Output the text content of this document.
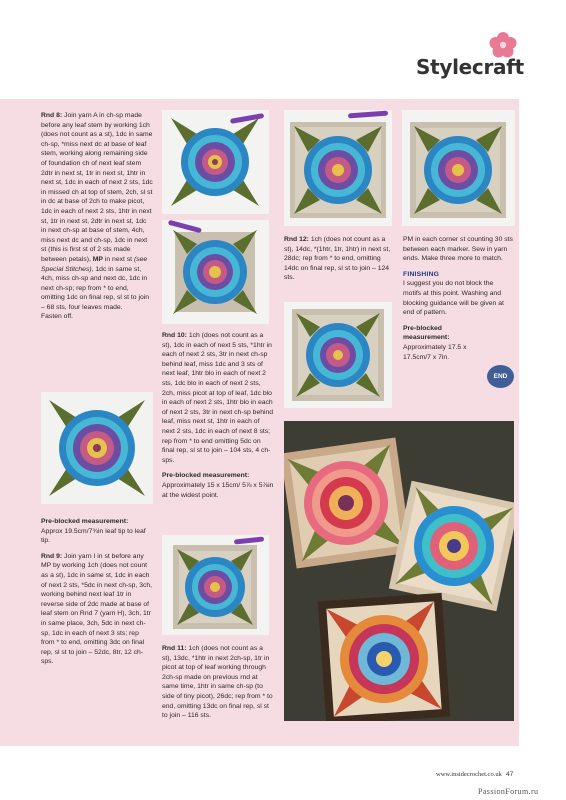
Stylecraft

Rnd 8: Join yarn A in ch-sp made before any leaf stem by working 1ch (does not count as a st), 1dc in same ch-sp, *miss next dc at base of leaf stem, working along remaining side of foundation ch of next leaf stem 2dtr in next st, 1tr in next st, 1htr in next st, 1dc in each of next 2 sts, 1dc in missed ch at top of stem, 2ch, sl st in dc at base of 2ch to make picot, 1dc in each of next 2 sts, 1htr in next st, 1tr in next st, 2dtr in next st, 1dc in next ch-sp at base of stem, 4ch, miss next dc and ch-sp, 1dc in next st (this is first st of 2 sts made between petals), MP in next st (see Special Stitches), 1dc in same st, 4ch, miss ch-sp and next dc, 1dc in next ch-sp; rep from * to end, omitting 1dc on final rep, sl st to join – 68 sts, four leaves made.
Fasten off.

Pre-blocked measurement:
Approx 19.5cm/7¾in leaf tip to leaf tip.

Rnd 9: Join yarn I in st before any MP by working 1ch (does not count as a st), 1dc in same st, 1dc in each of next 2 sts, *5dc in next ch-sp, 3ch, working behind next leaf 1tr in reverse side of 2dc made at base of leaf stem on Rnd 7 (yarn H), 3ch, 1tr in same place, 3ch, 5dc in next ch-sp, 1dc in each of next 3 sts; rep from * to end, omitting 3dc on final rep, sl st to join – 52dc, 8tr, 12 ch-sps.

Rnd 10: 1ch (does not count as a st), 1dc in each of next 5 sts, *1htr in each of next 2 sts, 3tr in next ch-sp behind leaf, miss 1dc and 3 sts of next leaf, 1htr blo in each of next 2 sts, 1dc blo in each of next 2 sts, 2ch, miss picot at top of leaf, 1dc blo in each of next 2 sts, 1htr blo in each of next 2 sts, 3tr in next ch-sp behind leaf, miss next st, 1htr in each of next 2 sts, 1dc in each of next 8 sts; rep from * to end omitting 5dc on final rep, sl st to join – 104 sts, 4 ch-sps.

Pre-blocked measurement:
Approximately 15 x 15cm/ 5⅞ x 5⅞in at the widest point.

Rnd 11: 1ch (does not count as a st), 13dc, *1htr in next 2ch-sp, 1tr in picot at top of leaf working through 2ch-sp made on previous rnd at same time, 1htr in same ch-sp (to side of tiny picot), 26dc; rep from * to end, omitting 13dc on final rep, sl st to join – 116 sts.

Rnd 12: 1ch (does not count as a st), 14dc, *(1htr, 1tr, 1htr) in next st, 28dc; rep from * to end, omitting 14dc on final rep, sl st to join – 124 sts.

PM in each corner st counting 30 sts between each marker. Sew in yarn ends. Make three more to match.

FINISHING
I suggest you do not block the motifs at this point. Washing and blocking guidance will be given at end of pattern.

Pre-blocked measurement:
Approximately 17.5 x 17.5cm/7 x 7in.

END
www.insidecrochet.co.uk 47
PassionForum.ru
